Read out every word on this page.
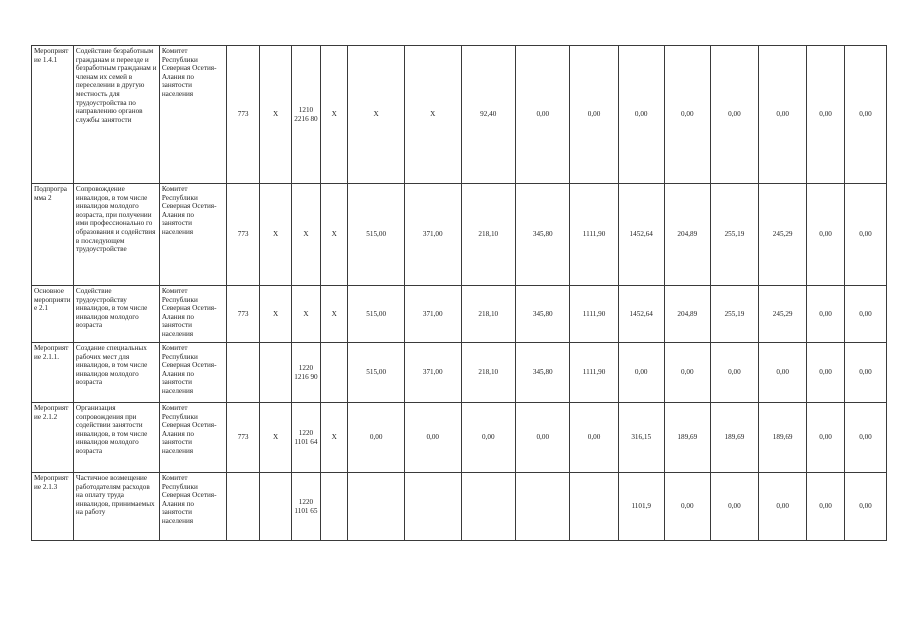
Мероприятие 1.4.1	Содействие безработным гражданам и переезде и безработным гражданам и членам их семей в переселении в другую местность для трудоустройства по направлению органов службы занятости	Комитет Республики Северная Осетия-Алания по занятости населения	773	Х	1210 2216 80	Х	Х	Х	92,40	0,00	0,00	0,00	0,00	0,00	0,00	0,00	0,00
Подпрограмма 2	Сопровождение инвалидов, в том числе инвалидов молодого возраста, при получении ими профессионально го образования и содействия в последующем трудоустройстве	Комитет Республики Северная Осетия-Алания по занятости населения	773	Х	Х	Х	515,00	371,00	218,10	345,80	1111,90	1452,64	204,89	255,19	245,29	0,00	0,00
Основное мероприятие 2.1	Содействие трудоустройству инвалидов, в том числе инвалидов молодого возраста	Комитет Республики Северная Осетия-Алания по занятости населения	773	Х	Х	Х	515,00	371,00	218,10	345,80	1111,90	1452,64	204,89	255,19	245,29	0,00	0,00
Мероприятие 2.1.1.	Создание специальных рабочих мест для инвалидов, в том числе инвалидов молодого возраста	Комитет Республики Северная Осетия-Алания по занятости населения			1220 1216 90		515,00	371,00	218,10	345,80	1111,90	0,00	0,00	0,00	0,00	0,00	0,00
Мероприятие 2.1.2	Организация сопровождения при содействии занятости инвалидов, в том числе инвалидов молодого возраста	Комитет Республики Северная Осетия-Алания по занятости населения	773	Х	1220 1101 64	Х	0,00	0,00	0,00	0,00	0,00	316,15	189,69	189,69	189,69	0,00	0,00
Мероприятие 2.1.3	Частичное возмещение работодателям расходов на оплату труда инвалидов, принимаемых на работу	Комитет Республики Северная Осетия-Алания по занятости населения			1220 1101 65							1101,9	0,00	0,00	0,00	0,00	0,00
